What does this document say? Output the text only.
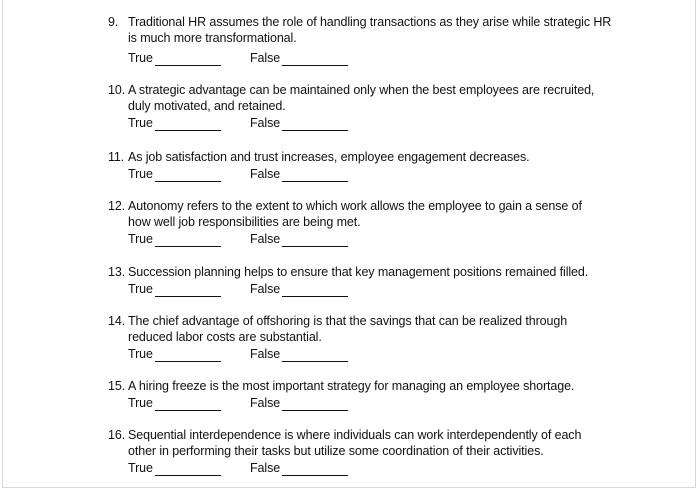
9. Traditional HR assumes the role of handling transactions as they arise while strategic HR
is much more transformational.
True	False
10. A strategic advantage can be maintained only when the best employees are recruited,
duly motivated, and retained.
True	False
11. As job satisfaction and trust increases, employee engagement decreases.
True	False
12. Autonomy refers to the extent to which work allows the employee to gain a sense of
how well job responsibilities are being met.
True	False
13. Succession planning helps to ensure that key management positions remained filled.
True	False
14. The chief advantage of offshoring is that the savings that can be realized through
reduced labor costs are substantial.
True	False
15. A hiring freeze is the most important strategy for managing an employee shortage.
True	False
16. Sequential interdependence is where individuals can work interdependently of each
other in performing their tasks but utilize some coordination of their activities.
True	False
